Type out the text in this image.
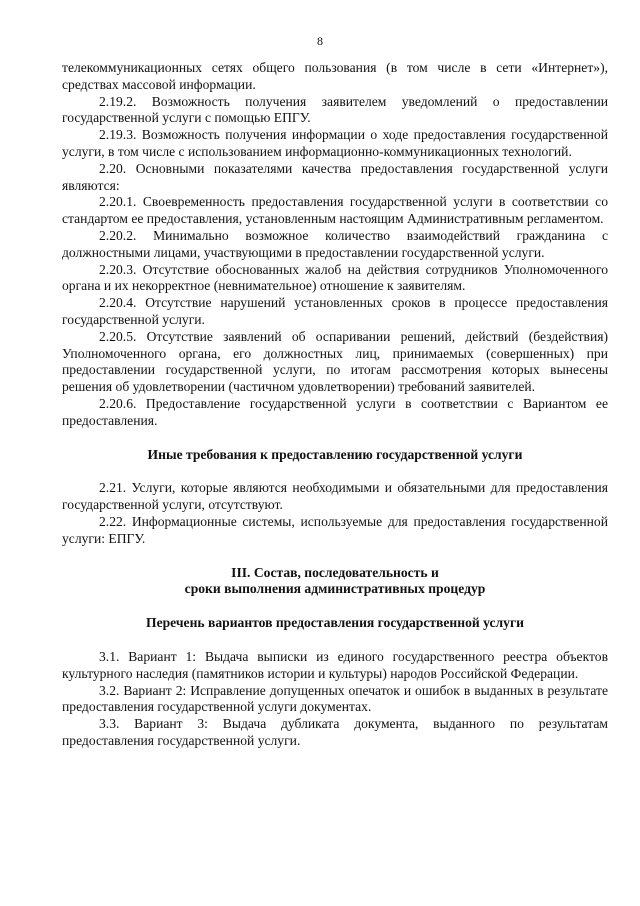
8

телекоммуникационных сетях общего пользования (в том числе в сети «Интернет»), средствах массовой информации.

2.19.2. Возможность получения заявителем уведомлений о предоставлении государственной услуги с помощью ЕПГУ.

2.19.3. Возможность получения информации о ходе предоставления государственной услуги, в том числе с использованием информационно-коммуникационных технологий.

2.20. Основными показателями качества предоставления государственной услуги являются:

2.20.1. Своевременность предоставления государственной услуги в соответствии со стандартом ее предоставления, установленным настоящим Административным регламентом.

2.20.2. Минимально возможное количество взаимодействий гражданина с должностными лицами, участвующими в предоставлении государственной услуги.

2.20.3. Отсутствие обоснованных жалоб на действия сотрудников Уполномоченного органа и их некорректное (невнимательное) отношение к заявителям.

2.20.4. Отсутствие нарушений установленных сроков в процессе предоставления государственной услуги.

2.20.5. Отсутствие заявлений об оспаривании решений, действий (бездействия) Уполномоченного органа, его должностных лиц, принимаемых (совершенных) при предоставлении государственной услуги, по итогам рассмотрения которых вынесены решения об удовлетворении (частичном удовлетворении) требований заявителей.

2.20.6. Предоставление государственной услуги в соответствии с Вариантом ее предоставления.

Иные требования к предоставлению государственной услуги

2.21. Услуги, которые являются необходимыми и обязательными для предоставления государственной услуги, отсутствуют.

2.22. Информационные системы, используемые для предоставления государственной услуги: ЕПГУ.

III. Состав, последовательность и
сроки выполнения административных процедур

Перечень вариантов предоставления государственной услуги

3.1. Вариант 1: Выдача выписки из единого государственного реестра объектов культурного наследия (памятников истории и культуры) народов Российской Федерации.

3.2. Вариант 2: Исправление допущенных опечаток и ошибок в выданных в результате предоставления государственной услуги документах.

3.3. Вариант 3: Выдача дубликата документа, выданного по результатам предоставления государственной услуги.
